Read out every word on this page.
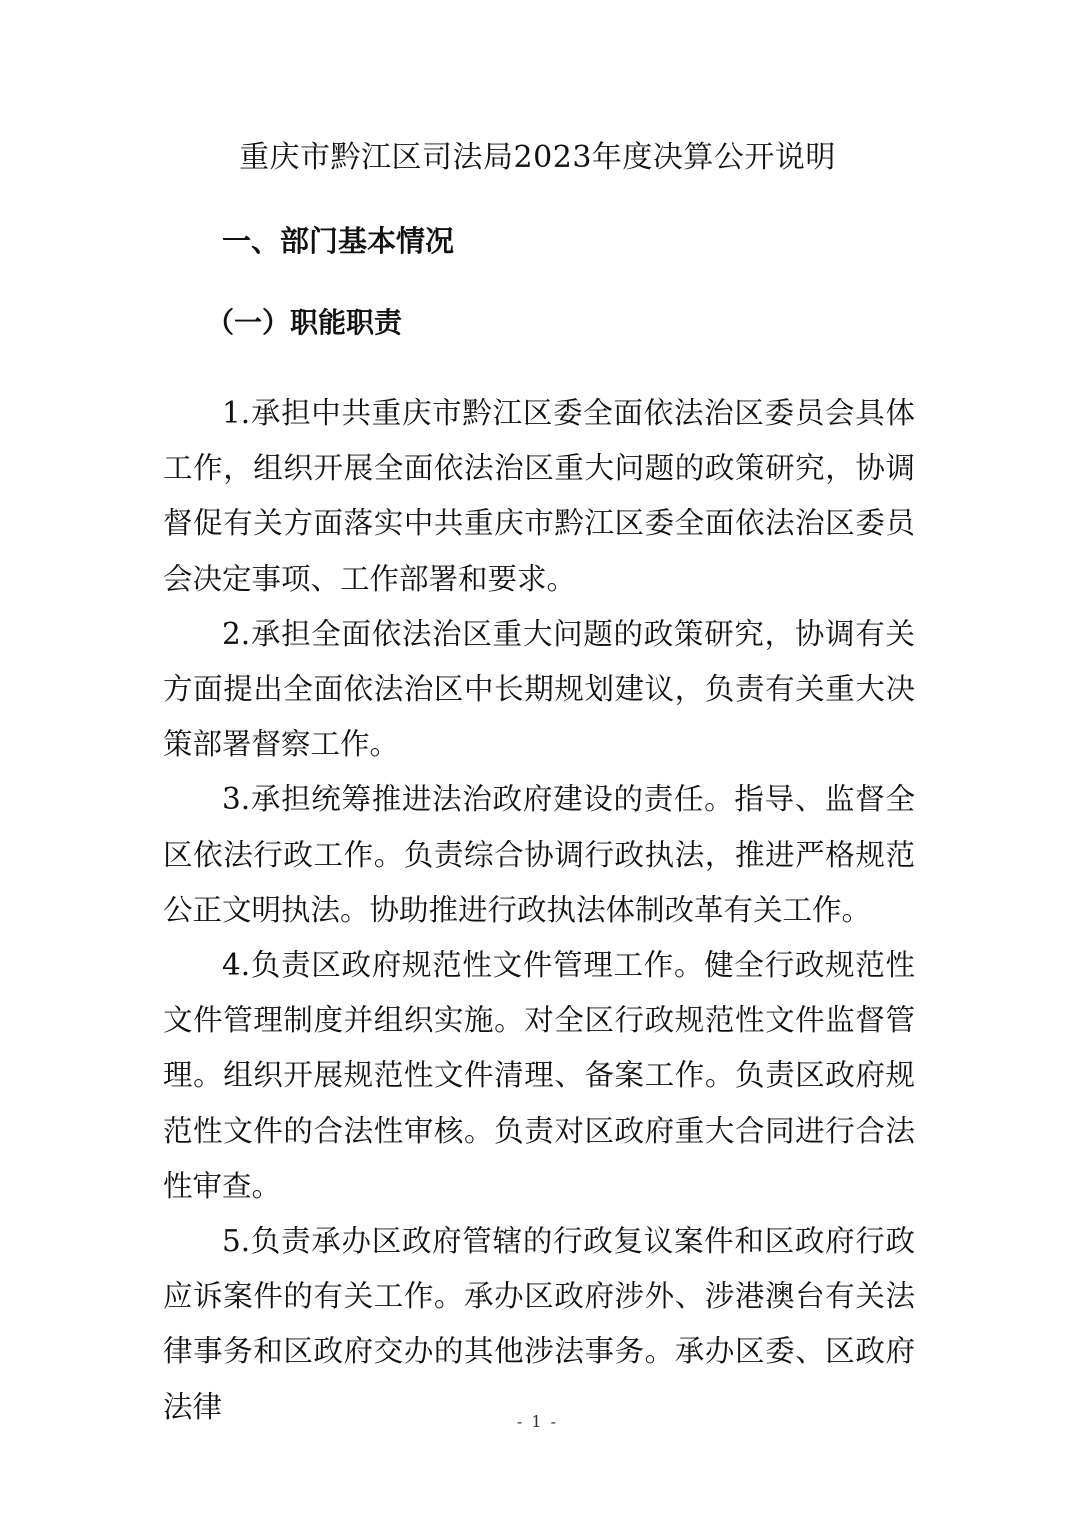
重庆市黔江区司法局2023年度决算公开说明
一、部门基本情况
（一）职能职责

1.承担中共重庆市黔江区委全面依法治区委员会具体工作，组织开展全面依法治区重大问题的政策研究，协调督促有关方面落实中共重庆市黔江区委全面依法治区委员会决定事项、工作部署和要求。

2.承担全面依法治区重大问题的政策研究，协调有关方面提出全面依法治区中长期规划建议，负责有关重大决策部署督察工作。

3.承担统筹推进法治政府建设的责任。指导、监督全区依法行政工作。负责综合协调行政执法，推进严格规范公正文明执法。协助推进行政执法体制改革有关工作。

4.负责区政府规范性文件管理工作。健全行政规范性文件管理制度并组织实施。对全区行政规范性文件监督管理。组织开展规范性文件清理、备案工作。负责区政府规范性文件的合法性审核。负责对区政府重大合同进行合法性审查。

5.负责承办区政府管辖的行政复议案件和区政府行政应诉案件的有关工作。承办区政府涉外、涉港澳台有关法律事务和区政府交办的其他涉法事务。承办区委、区政府法律	- 1 -
